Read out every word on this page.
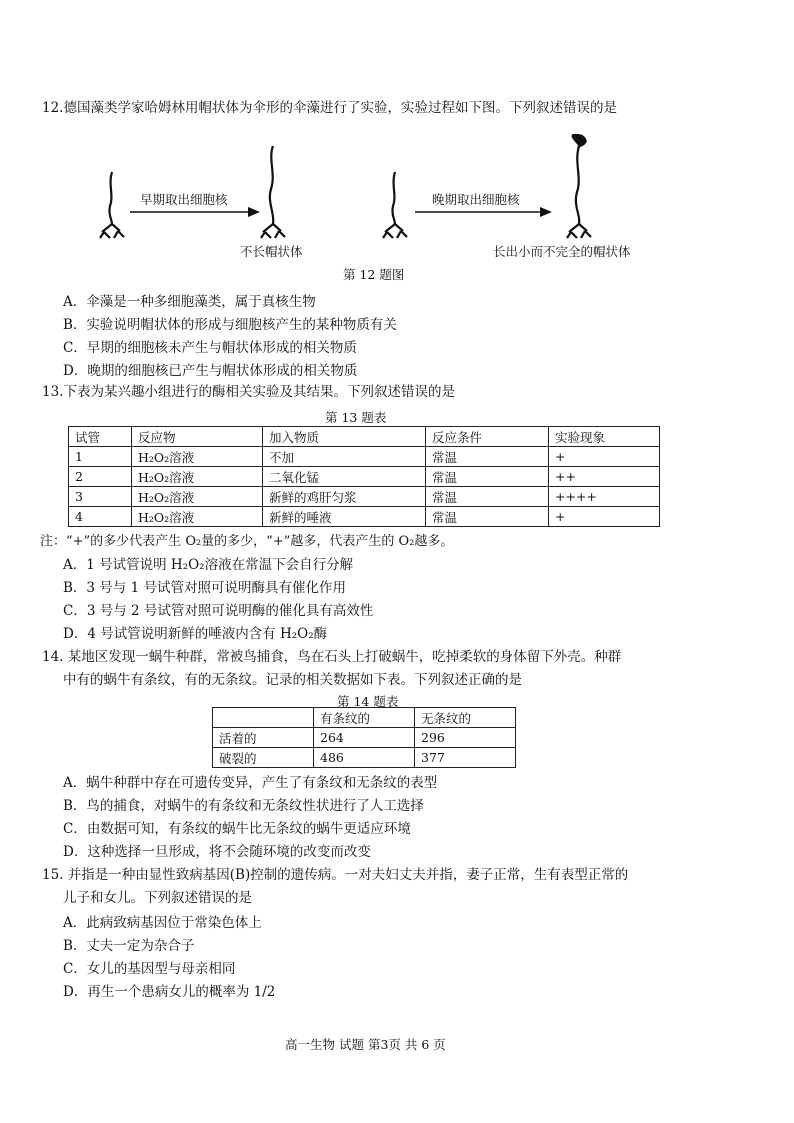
12.德国藻类学家哈姆林用帽状体为伞形的伞藻进行了实验，实验过程如下图。下列叙述错误的是
早期取出细胞核
不长帽状体
晚期取出细胞核
长出小而不完全的帽状体
第 12 题图
A．伞藻是一种多细胞藻类，属于真核生物
B．实验说明帽状体的形成与细胞核产生的某种物质有关
C．早期的细胞核未产生与帽状体形成的相关物质
D．晚期的细胞核已产生与帽状体形成的相关物质
13.下表为某兴趣小组进行的酶相关实验及其结果。下列叙述错误的是
第 13 题表
试管	反应物	加入物质	反应条件	实验现象
1	H₂O₂溶液	不加	常温	+
2	H₂O₂溶液	二氧化锰	常温	++
3	H₂O₂溶液	新鲜的鸡肝匀浆	常温	++++
4	H₂O₂溶液	新鲜的唾液	常温	+
注：“+”的多少代表产生 O₂量的多少，“+”越多，代表产生的 O₂越多。
A．1 号试管说明 H₂O₂溶液在常温下会自行分解
B．3 号与 1 号试管对照可说明酶具有催化作用
C．3 号与 2 号试管对照可说明酶的催化具有高效性
D．4 号试管说明新鲜的唾液内含有 H₂O₂酶
14. 某地区发现一蜗牛种群，常被鸟捕食，鸟在石头上打破蜗牛，吃掉柔软的身体留下外壳。种群
中有的蜗牛有条纹，有的无条纹。记录的相关数据如下表。下列叙述正确的是
第 14 题表
	有条纹的	无条纹的
活着的	264	296
破裂的	486	377
A．蜗牛种群中存在可遗传变异，产生了有条纹和无条纹的表型
B．鸟的捕食，对蜗牛的有条纹和无条纹性状进行了人工选择
C．由数据可知，有条纹的蜗牛比无条纹的蜗牛更适应环境
D．这种选择一旦形成，将不会随环境的改变而改变
15. 并指是一种由显性致病基因(B)控制的遗传病。一对夫妇丈夫并指，妻子正常，生有表型正常的
儿子和女儿。下列叙述错误的是
A．此病致病基因位于常染色体上
B．丈夫一定为杂合子
C．女儿的基因型与母亲相同
D．再生一个患病女儿的概率为 1/2
高一生物 试题 第3页 共 6 页
